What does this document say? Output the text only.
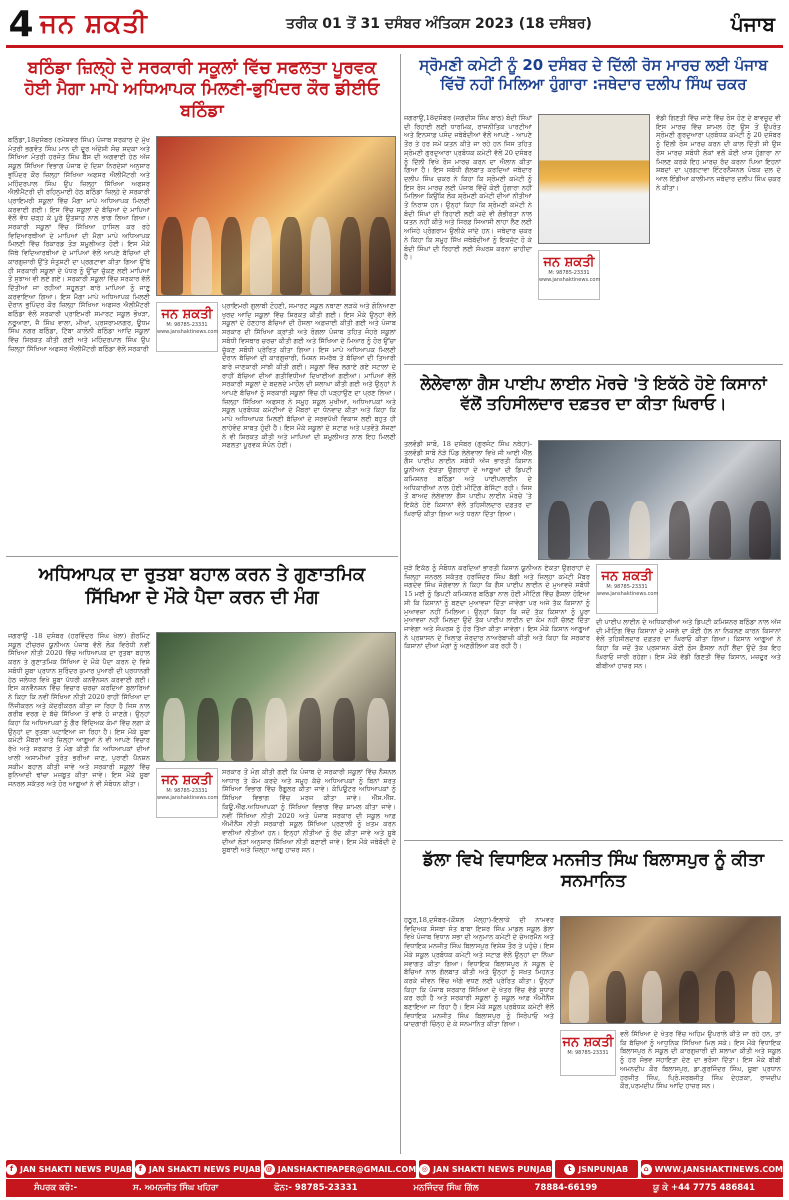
4 ਜਨ ਸ਼ਕਤੀ	ਤਰੀਕ 01 ਤੋਂ 31 ਦਸੰਬਰ ਅੰਤਿਕਸ 2023 (18 ਦਸੰਬਰ)	ਪੰਜਾਬ
ਬਠਿੰਡਾ ਜ਼ਿਲ੍ਹੇ ਦੇ ਸਰਕਾਰੀ ਸਕੂਲਾਂ ਵਿੱਚ ਸਫਲਤਾ ਪੂਰਵਕ ਹੋਈ ਮੈਗਾ ਮਾਪੇ ਅਧਿਆਪਕ ਮਿਲਣੀ-ਭੁਪਿੰਦਰ ਕੌਰ ਡੀਈਓ ਬਠਿੰਡਾ
ਬਠਿੰਡਾ,18ਦਸੰਬਰ (ਰਮੇਸ਼ਵਰ ਸਿੰਘ) ਪੰਜਾਬ ਸਰਕਾਰ ਦੇ ਮੁੱਖ ਮੰਤਰੀ ਭਗਵੰਤ ਸਿੰਘ ਮਾਨ ਦੀ ਦੂਰ ਅੰਦੇਸ਼ੀ ਸੋਚ ਸਦਕਾ ਅਤੇ ਸਿੱਖਿਆ ਮੰਤਰੀ ਹਰਜੋਤ ਸਿੰਘ ਬੈਂਸ ਦੀ ਅਗਵਾਈ ਹੇਠ ਅੱਜ ਸਕੂਲ ਸਿੱਖਿਆ ਵਿਭਾਗ ਪੰਜਾਬ ਦੇ ਦਿਸ਼ਾ ਨਿਰਦੇਸ਼ਾਂ ਅਨੁਸਾਰ ਭੁਪਿੰਦਰ ਕੌਰ ਜ਼ਿਲ੍ਹਾ ਸਿੱਖਿਆ ਅਫਸਰ ਐਲੀਮੈਂਟਰੀ ਅਤੇ ਮਹਿੰਦਰਪਾਲ ਸਿੰਘ ਉਪ ਜ਼ਿਲ੍ਹਾ ਸਿੱਖਿਆ ਅਫਸਰ ਐਲੀਮੈਂਟਰੀ ਦੀ ਰਹਿਨੁਮਾਈ ਹੇਠ ਬਠਿੰਡਾ ਜ਼ਿਲ੍ਹੇ ਦੇ ਸਰਕਾਰੀ ਪ੍ਰਾਇਮਰੀ ਸਕੂਲਾਂ ਵਿੱਚ ਮੈਗਾ ਮਾਪੇ ਅਧਿਆਪਕ ਮਿਲਣੀ ਕਰਵਾਈ ਗਈ। ਇਸ ਵਿੱਚ ਸਕੂਲਾਂ ਦੇ ਬੱਚਿਆਂ ਦੇ ਮਾਪਿਆਂ ਵੱਲੋਂ ਵੱਧ ਚੜ੍ਹ ਕੇ ਪੂਰੇ ਉਤਸ਼ਾਹ ਨਾਲ ਭਾਗ ਲਿਆ ਗਿਆ। ਸਰਕਾਰੀ ਸਕੂਲਾਂ ਵਿੱਚ ਸਿੱਖਿਆ ਹਾਸਿਲ ਕਰ ਰਹੇ ਵਿਦਿਆਰਥੀਆਂ ਦੇ ਮਾਪਿਆਂ ਦੀ ਮੈਗਾ ਮਾਪੇ ਅਧਿਆਪਕ ਮਿਲਣੀ ਵਿੱਚ ਰਿਕਾਰਡ ਤੋੜ ਸ਼ਮੂਲੀਅਤ ਹੋਈ। ਇਸ ਮੌਕੇ ਜਿੱਥੇ ਵਿਦਿਆਰਥੀਆਂ ਦੇ ਮਾਪਿਆਂ ਵੱਲੋਂ ਆਪਣੇ ਬੱਚਿਆਂ ਦੀ ਕਾਰਗੁਜ਼ਾਰੀ ਉੱਤੇ ਸੰਤੁਸ਼ਟੀ ਦਾ ਪ੍ਰਗਟਾਵਾ ਕੀਤਾ ਗਿਆ ਉੱਥੇ ਹੀ ਸਰਕਾਰੀ ਸਕੂਲਾਂ ਦੇ ਪੱਧਰ ਨੂੰ ਉੱਚਾ ਚੁੱਕਣ ਲਈ ਮਾਪਿਆਂ ਤੋਂ ਸੁਝਾਅ ਵੀ ਲਏ ਗਏ। ਸਰਕਾਰੀ ਸਕੂਲਾਂ ਵਿੱਚ ਸਰਕਾਰ ਵੱਲੋਂ ਦਿੱਤੀਆਂ ਜਾ ਰਹੀਆਂ ਸਹੂਲਤਾਂ ਬਾਰੇ ਮਾਪਿਆਂ ਨੂੰ ਜਾਣੂ ਕਰਵਾਇਆ ਗਿਆ। ਇਸ ਮੈਗਾ ਮਾਪੇ ਅਧਿਆਪਕ ਮਿਲਣੀ ਦੌਰਾਨ ਭੁਪਿੰਦਰ ਕੌਰ ਜ਼ਿਲ੍ਹਾ ਸਿੱਖਿਆ ਅਫਸਰ ਐਲੀਮੈਂਟਰੀ ਬਠਿੰਡਾ ਵੱਲੋਂ ਸਰਕਾਰੀ ਪ੍ਰਾਇਮਰੀ ਸਮਾਰਟ ਸਕੂਲ ਭੋਖੜਾ, ਨਰੂਆਣਾ, ਜੈ ਸਿੰਘ ਵਾਲਾ, ਮੀਆਂ, ਪ੍ਰਸਰਾਮਨਗਰ, ਊਧਮ ਸਿੰਘ ਨਗਰ ਬਠਿੰਡਾ, ਟਿੱਬਾ ਕਾਲੋਨੀ ਬਠਿੰਡਾ ਆਦਿ ਸਕੂਲਾਂ ਵਿੱਚ ਸ਼ਿਰਕਤ ਕੀਤੀ ਗਈ ਅਤੇ ਮਹਿੰਦਰਪਾਲ ਸਿੰਘ ਉਪ ਜ਼ਿਲ੍ਹਾ ਸਿੱਖਿਆ ਅਫਸਰ ਐਲੀਮੈਂਟਰੀ ਬਠਿੰਡਾ ਵੱਲੋਂ ਸਰਕਾਰੀ
ਜਨ ਸ਼ਕਤੀ
M: 98785-23331
www.janshaktinews.com
ਪ੍ਰਾਇਮਰੀ ਗੁਲਾਬੀ ਟੋਹਣੀ, ਸਮਾਰਟ ਸਕੂਲ ਨਥਾਣਾ ਲੜਕੇ ਅਤੇ ਗੋਨਿਆਣਾ ਖੁਰਦ ਆਦਿ ਸਕੂਲਾਂ ਵਿੱਚ ਸ਼ਿਰਕਤ ਕੀਤੀ ਗਈ। ਇਸ ਮੌਕੇ ਉਨ੍ਹਾਂ ਵੱਲੋਂ ਸਕੂਲਾਂ ਦੇ ਹੋਣਹਾਰ ਬੱਚਿਆਂ ਦੀ ਹੌਸਲਾ ਅਫ਼ਜ਼ਾਈ ਕੀਤੀ ਗਈ ਅਤੇ ਪੰਜਾਬ ਸਰਕਾਰ ਦੀ ਸਿੱਖਿਆ ਕ੍ਰਾਂਤੀ ਅਤੇ ਰੰਗਲਾ ਪੰਜਾਬ ਤਹਿਤ ਜੋਹਰੇ ਸਕੂਲਾਂ ਸਬੰਧੀ ਵਿਸਥਾਰ ਚਰਚਾ ਕੀਤੀ ਗਈ ਅਤੇ ਸਿੱਖਿਆ ਦੇ ਮਿਆਰ ਨੂੰ ਹੋਰ ਉੱਚਾ ਚੁੱਕਣ ਸਬੰਧੀ ਪ੍ਰੇਰਿਤ ਕੀਤਾ ਗਿਆ। ਇਸ ਮਾਪੇ ਅਧਿਆਪਕ ਮਿਲਣੀ ਦੌਰਾਨ ਬੱਚਿਆਂ ਦੀ ਕਾਰਗੁਜ਼ਾਰੀ, ਮਿਸ਼ਨ ਸਮਰੱਥ ਤੇ ਬੱਚਿਆਂ ਦੀ ਤਿਆਰੀ ਬਾਰੇ ਜਾਣਕਾਰੀ ਸਾਂਝੀ ਕੀਤੀ ਗਈ। ਸਕੂਲਾਂ ਵਿੱਚ ਲਗਾਏ ਗਏ ਸਟਾਲਾਂ ਦੇ ਰਾਹੀਂ ਬੱਚਿਆਂ ਦੀਆਂ ਗਤੀਵਿਧੀਆਂ ਦਿਖਾਈਆਂ ਗਈਆਂ। ਮਾਪਿਆਂ ਵੱਲੋਂ ਸਰਕਾਰੀ ਸਕੂਲਾਂ ਦੇ ਬਦਲਦੇ ਮਾਹੌਲ ਦੀ ਸ਼ਲਾਘਾ ਕੀਤੀ ਗਈ ਅਤੇ ਉਨ੍ਹਾਂ ਨੇ ਆਪਣੇ ਬੱਚਿਆਂ ਨੂੰ ਸਰਕਾਰੀ ਸਕੂਲਾਂ ਵਿੱਚ ਹੀ ਪੜ੍ਹਾਉਣ ਦਾ ਪ੍ਰਣ ਲਿਆ। ਜ਼ਿਲ੍ਹਾ ਸਿੱਖਿਆ ਅਫਸਰ ਨੇ ਸਮੂਹ ਸਕੂਲ ਮੁਖੀਆਂ, ਅਧਿਆਪਕਾਂ ਅਤੇ ਸਕੂਲ ਪ੍ਰਬੰਧਕ ਕਮੇਟੀਆਂ ਦੇ ਮੈਂਬਰਾਂ ਦਾ ਧੰਨਵਾਦ ਕੀਤਾ ਅਤੇ ਕਿਹਾ ਕਿ ਮਾਪੇ ਅਧਿਆਪਕ ਮਿਲਣੀ ਬੱਚਿਆਂ ਦੇ ਸਰਵਪੱਖੀ ਵਿਕਾਸ ਲਈ ਬਹੁਤ ਹੀ ਲਾਹੇਵੰਦ ਸਾਬਤ ਹੁੰਦੀ ਹੈ। ਇਸ ਮੌਕੇ ਸਕੂਲਾਂ ਦੇ ਸਟਾਫ਼ ਅਤੇ ਪਤਵੰਤੇ ਸੱਜਣਾਂ ਨੇ ਵੀ ਸ਼ਿਰਕਤ ਕੀਤੀ ਅਤੇ ਮਾਪਿਆਂ ਦੀ ਸ਼ਮੂਲੀਅਤ ਨਾਲ ਇਹ ਮਿਲਣੀ ਸਫਲਤਾ ਪੂਰਵਕ ਸੰਪੰਨ ਹੋਈ।
ਸ੍ਰੋਮਣੀ ਕਮੇਟੀ ਨੂੰ 20 ਦਸੰਬਰ ਦੇ ਦਿੱਲੀ ਰੋਸ ਮਾਰਚ ਲਈ ਪੰਜਾਬ ਵਿੱਚੋਂ ਨਹੀਂ ਮਿਲਿਆ ਹੁੰਗਾਰਾ :ਜਥੇਦਾਰ ਦਲੀਪ ਸਿੰਘ ਚਕਰ
ਜਗਰਾਉਂ,18ਦਸੰਬਰ (ਜਗਦੀਸ਼ ਸਿੰਘ ਬਾਠ) ਬੰਦੀ ਸਿੰਘਾਂ ਦੀ ਰਿਹਾਈ ਲਈ ਧਾਰਮਿਕ, ਰਾਜਨੀਤਿਕ ਪਾਰਟੀਆਂ ਅਤੇ ਇਨਸਾਫ਼ ਪਸੰਦ ਜਥੇਬੰਦੀਆਂ ਵੱਲੋਂ ਆਪਣੇ - ਆਪਣੇ ਤੌਰ ਤੇ ਹਰ ਸਮੇਂ ਯਤਨ ਕੀਤੇ ਜਾ ਰਹੇ ਹਨ ਜਿਸ ਤਹਿਤ ਸ਼੍ਰੋਮਣੀ ਗੁਰਦੁਆਰਾ ਪ੍ਰਬੰਧਕ ਕਮੇਟੀ ਵੱਲੋਂ 20 ਦਸੰਬਰ ਨੂੰ ਦਿੱਲੀ ਵਿਖੇ ਰੋਸ ਮਾਰਚ ਕਰਨ ਦਾ ਐਲਾਨ ਕੀਤਾ ਗਿਆ ਹੈ। ਇਸ ਸਬੰਧੀ ਗੱਲਬਾਤ ਕਰਦਿਆਂ ਜਥੇਦਾਰ ਦਲੀਪ ਸਿੰਘ ਚਕਰ ਨੇ ਕਿਹਾ ਕਿ ਸ਼੍ਰੋਮਣੀ ਕਮੇਟੀ ਨੂੰ ਇਸ ਰੋਸ ਮਾਰਚ ਲਈ ਪੰਜਾਬ ਵਿੱਚੋਂ ਕੋਈ ਹੁੰਗਾਰਾ ਨਹੀਂ ਮਿਲਿਆ ਕਿਉਂਕਿ ਲੋਕ ਸ਼੍ਰੋਮਣੀ ਕਮੇਟੀ ਦੀਆਂ ਨੀਤੀਆਂ ਤੋਂ ਨਿਰਾਸ਼ ਹਨ। ਉਨ੍ਹਾਂ ਕਿਹਾ ਕਿ ਸ਼੍ਰੋਮਣੀ ਕਮੇਟੀ ਨੇ ਬੰਦੀ ਸਿੰਘਾਂ ਦੀ ਰਿਹਾਈ ਲਈ ਕਦੇ ਵੀ ਗੰਭੀਰਤਾ ਨਾਲ ਯਤਨ ਨਹੀਂ ਕੀਤੇ ਅਤੇ ਸਿਰਫ਼ ਸਿਆਸੀ ਲਾਹਾ ਲੈਣ ਲਈ ਅਜਿਹੇ ਪ੍ਰੋਗਰਾਮ ਉਲੀਕੇ ਜਾਂਦੇ ਹਨ। ਜਥੇਦਾਰ ਚਕਰ ਨੇ ਕਿਹਾ ਕਿ ਸਮੂਹ ਸਿੱਖ ਜਥੇਬੰਦੀਆਂ ਨੂੰ ਇਕਜੁੱਟ ਹੋ ਕੇ ਬੰਦੀ ਸਿੰਘਾਂ ਦੀ ਰਿਹਾਈ ਲਈ ਸੰਘਰਸ਼ ਕਰਨਾ ਚਾਹੀਦਾ ਹੈ।	ਜਨ ਸ਼ਕਤੀ
M: 98785-23331
www.janshaktinews.com
ਵੱਡੀ ਗਿਣਤੀ ਵਿੱਚ ਜਾਣੇ ਵਿੱਚ ਰੋਸ ਹੋਣ ਦੇ ਬਾਵਜੂਦ ਵੀ ਇਸ ਮਾਰਚ ਵਿੱਚ ਸ਼ਾਮਲ ਹੋਣ ਉਸ ਤੋਂ ਉਪਰੰਤ ਸ੍ਰੋਮਣੀ ਗੁਰਦੁਆਰਾ ਪ੍ਰਬੰਧਕ ਕਮੇਟੀ ਨੂੰ 20 ਦਸੰਬਰ ਨੂੰ ਦਿੱਲੀ ਰੋਸ ਮਾਰਚ ਕਰਨ ਦੀ ਕਾਲ ਦਿੱਤੀ ਸੀ ਉਸ ਰੋਸ ਮਾਰਚ ਸਬੰਧੀ ਲੋਕਾਂ ਵਲੋਂ ਕੋਈ ਖਾਸ ਹੁੰਗਾਰਾ ਨਾ ਮਿਲਣ ਕਰਕੇ ਇਹ ਮਾਰਚ ਰੱਦ ਕਰਨਾ ਪਿਆ ਇਹਨਾਂ ਸ਼ਬਦਾਂ ਦਾ ਪ੍ਰਗਟਾਵਾ ਇੰਟਰਨੈਸ਼ਨਲ ਪੰਥਕ ਦਲ ਦੇ ਆਲ ਇੰਡੀਆ ਕਾਲੀਮਾਨ ਜਥੇਦਾਰ ਦਲੀਪ ਸਿੰਘ ਚਕਰ ਨੇ ਕੀਤਾ।
ਲੇਲੇਵਾਲਾ ਗੈਸ ਪਾਈਪ ਲਾਈਨ ਮੋਰਚੇ 'ਤੇ ਇਕੱਠੇ ਹੋਏ ਕਿਸਾਨਾਂ ਵੱਲੋਂ ਤਹਿਸੀਲਦਾਰ ਦਫ਼ਤਰ ਦਾ ਕੀਤਾ ਘਿਰਾਓ।
ਤਲਵੰਡੀ ਸਾਬੋ, 18 ਦਸੰਬਰ (ਗੁਰਜੰਟ ਸਿੰਘ ਨਥੇਹਾ)- ਤਲਵੰਡੀ ਸਾਬੋ ਨੇੜੇ ਪਿੰਡ ਲੇਲੇਵਾਲਾ ਵਿਖੇ ਜੀ ਆਈ ਐੱਲ ਗੈਸ ਪਾਈਪ ਲਾਈਨ ਸਬੰਧੀ ਅੱਜ ਭਾਰਤੀ ਕਿਸਾਨ ਯੂਨੀਅਨ ਏਕਤਾ ਉਗਰਾਹਾਂ ਦੇ ਆਗੂਆਂ ਦੀ ਡਿਪਟੀ ਕਮਿਸ਼ਨਰ ਬਠਿੰਡਾ ਅਤੇ ਪਾਈਪਲਾਈਨ ਦੇ ਅਧਿਕਾਰੀਆਂ ਨਾਲ ਹੋਈ ਮੀਟਿੰਗ ਬੇਸਿੱਟਾ ਰਹੀ। ਜਿਸ ਤੋਂ ਬਾਅਦ ਲੇਲੇਵਾਲਾ ਗੈਸ ਪਾਈਪ ਲਾਈਨ ਮੋਰਚੇ 'ਤੇ ਇਕੱਠੇ ਹੋਏ ਕਿਸਾਨਾਂ ਵੱਲੋਂ ਤਹਿਸੀਲਦਾਰ ਦਫ਼ਤਰ ਦਾ ਘਿਰਾਓ ਕੀਤਾ ਗਿਆ ਅਤੇ ਧਰਨਾ ਦਿੱਤਾ ਗਿਆ।
ਜੁੜੇ ਇਕੱਠ ਨੂੰ ਸੰਬੋਧਨ ਕਰਦਿਆਂ ਭਾਰਤੀ ਕਿਸਾਨ ਯੂਨੀਅਨ ਏਕਤਾ ਉਗਰਾਹਾਂ ਦੇ ਜ਼ਿਲ੍ਹਾ ਜਨਰਲ ਸਕੱਤਰ ਹਰਜਿੰਦਰ ਸਿੰਘ ਬੱਗੀ ਅਤੇ ਜ਼ਿਲ੍ਹਾ ਕਮੇਟੀ ਮੈਂਬਰ ਜਗਦੇਵ ਸਿੰਘ ਜੋਗੇਵਾਲਾ ਨੇ ਕਿਹਾ ਕਿ ਗੈਸ ਪਾਈਪ ਲਾਈਨ ਦੇ ਮੁਆਵਜ਼ੇ ਸਬੰਧੀ 15 ਮਈ ਨੂੰ ਡਿਪਟੀ ਕਮਿਸ਼ਨਰ ਬਠਿੰਡਾ ਨਾਲ ਹੋਈ ਮੀਟਿੰਗ ਵਿੱਚ ਫ਼ੈਸਲਾ ਹੋਇਆ ਸੀ ਕਿ ਕਿਸਾਨਾਂ ਨੂੰ ਬਣਦਾ ਮੁਆਵਜ਼ਾ ਦਿੱਤਾ ਜਾਵੇਗਾ ਪਰ ਅਜੇ ਤੱਕ ਕਿਸਾਨਾਂ ਨੂੰ ਮੁਆਵਜ਼ਾ ਨਹੀਂ ਮਿਲਿਆ। ਉਨ੍ਹਾਂ ਕਿਹਾ ਕਿ ਜਦੋਂ ਤੱਕ ਕਿਸਾਨਾਂ ਨੂੰ ਪੂਰਾ ਮੁਆਵਜ਼ਾ ਨਹੀਂ ਮਿਲਦਾ ਉਦੋਂ ਤੱਕ ਪਾਈਪ ਲਾਈਨ ਦਾ ਕੰਮ ਨਹੀਂ ਚੱਲਣ ਦਿੱਤਾ ਜਾਵੇਗਾ ਅਤੇ ਸੰਘਰਸ਼ ਨੂੰ ਹੋਰ ਤਿੱਖਾ ਕੀਤਾ ਜਾਵੇਗਾ। ਇਸ ਮੌਕੇ ਕਿਸਾਨ ਆਗੂਆਂ ਨੇ ਪ੍ਰਸ਼ਾਸਨ ਦੇ ਖਿਲਾਫ਼ ਜ਼ੋਰਦਾਰ ਨਾਅਰੇਬਾਜ਼ੀ ਕੀਤੀ ਅਤੇ ਕਿਹਾ ਕਿ ਸਰਕਾਰ ਕਿਸਾਨਾਂ ਦੀਆਂ ਮੰਗਾਂ ਨੂੰ ਅਣਗੌਲਿਆ ਕਰ ਰਹੀ ਹੈ।
ਜਨ ਸ਼ਕਤੀ
M: 98785-23331
www.janshaktinews.com
ਦੀ ਪਾਈਪ ਲਾਈਨ ਦੇ ਅਧਿਕਾਰੀਆਂ ਅਤੇ ਡਿਪਟੀ ਕਮਿਸ਼ਨਰ ਬਠਿੰਡਾ ਨਾਲ ਅੱਜ ਦੀ ਮੀਟਿੰਗ ਵਿੱਚ ਕਿਸਾਨਾਂ ਦੇ ਮਸਲੇ ਦਾ ਕੋਈ ਹੱਲ ਨਾ ਨਿਕਲਣ ਕਾਰਨ ਕਿਸਾਨਾਂ ਵੱਲੋਂ ਤਹਿਸੀਲਦਾਰ ਦਫ਼ਤਰ ਦਾ ਘਿਰਾਓ ਕੀਤਾ ਗਿਆ। ਕਿਸਾਨ ਆਗੂਆਂ ਨੇ ਕਿਹਾ ਕਿ ਜਦੋਂ ਤੱਕ ਪ੍ਰਸ਼ਾਸਨ ਕੋਈ ਠੋਸ ਫ਼ੈਸਲਾ ਨਹੀਂ ਲੈਂਦਾ ਉਦੋਂ ਤੱਕ ਇਹ ਘਿਰਾਓ ਜਾਰੀ ਰਹੇਗਾ। ਇਸ ਮੌਕੇ ਵੱਡੀ ਗਿਣਤੀ ਵਿੱਚ ਕਿਸਾਨ, ਮਜ਼ਦੂਰ ਅਤੇ ਬੀਬੀਆਂ ਹਾਜ਼ਰ ਸਨ।
ਅਧਿਆਪਕ ਦਾ ਰੁਤਬਾ ਬਹਾਲ ਕਰਨ ਤੇ ਗੁਣਾਤਮਿਕ ਸਿੱਖਿਆ ਦੇ ਮੌਕੇ ਪੈਦਾ ਕਰਨ ਦੀ ਮੰਗ
ਜਗਰਾਉਂ -18 ਦਸੰਬਰ (ਹਰਵਿੰਦਰ ਸਿੰਘ ਖੇਲਾ) ਗੌਰਮਿੰਟ ਸਕੂਲ ਟੀਚਰਜ਼ ਯੂਨੀਅਨ ਪੰਜਾਬ ਵੱਲੋਂ ਲੋਕ ਵਿਰੋਧੀ ਨਵੀਂ ਸਿੱਖਿਆ ਨੀਤੀ 2020 ਵਿੱਚ ਅਧਿਆਪਕ ਦਾ ਰੁਤਬਾ ਬਹਾਲ ਕਰਨ ਤੇ ਗੁਣਾਤਮਿਕ ਸਿੱਖਿਆ ਦੇ ਮੌਕੇ ਪੈਦਾ ਕਰਨ ਦੇ ਵਿਸ਼ੇ ਸਬੰਧੀ ਸੂਬਾ ਪ੍ਰਧਾਨ ਸੁਰਿੰਦਰ ਕੁਮਾਰ ਪੁਆਰੀ ਦੀ ਪ੍ਰਧਾਨਗੀ ਹੇਠ ਜਲੰਧਰ ਵਿਖੇ ਸੂਬਾ ਪੱਧਰੀ ਕਨਵੈਨਸ਼ਨ ਕਰਵਾਈ ਗਈ। ਇਸ ਕਨਵੈਨਸ਼ਨ ਵਿੱਚ ਵਿਚਾਰ ਚਰਚਾ ਕਰਦਿਆਂ ਬੁਲਾਰਿਆਂ ਨੇ ਕਿਹਾ ਕਿ ਨਵੀਂ ਸਿੱਖਿਆ ਨੀਤੀ 2020 ਰਾਹੀਂ ਸਿੱਖਿਆ ਦਾ ਨਿੱਜੀਕਰਨ ਅਤੇ ਕੇਂਦਰੀਕਰਨ ਕੀਤਾ ਜਾ ਰਿਹਾ ਹੈ ਜਿਸ ਨਾਲ ਗਰੀਬ ਵਰਗ ਦੇ ਬੱਚੇ ਸਿੱਖਿਆ ਤੋਂ ਵਾਂਝੇ ਹੋ ਜਾਣਗੇ। ਉਨ੍ਹਾਂ ਕਿਹਾ ਕਿ ਅਧਿਆਪਕਾਂ ਨੂੰ ਗੈਰ ਵਿੱਦਿਅਕ ਕੰਮਾਂ ਵਿੱਚ ਲਗਾ ਕੇ ਉਨ੍ਹਾਂ ਦਾ ਰੁਤਬਾ ਘਟਾਇਆ ਜਾ ਰਿਹਾ ਹੈ। ਇਸ ਮੌਕੇ ਸੂਬਾ ਕਮੇਟੀ ਮੈਂਬਰਾਂ ਅਤੇ ਜ਼ਿਲ੍ਹਾ ਆਗੂਆਂ ਨੇ ਵੀ ਆਪਣੇ ਵਿਚਾਰ ਰੱਖੇ ਅਤੇ ਸਰਕਾਰ ਤੋਂ ਮੰਗ ਕੀਤੀ ਕਿ ਅਧਿਆਪਕਾਂ ਦੀਆਂ ਖਾਲੀ ਅਸਾਮੀਆਂ ਤੁਰੰਤ ਭਰੀਆਂ ਜਾਣ, ਪੁਰਾਣੀ ਪੈਨਸ਼ਨ ਸਕੀਮ ਬਹਾਲ ਕੀਤੀ ਜਾਵੇ ਅਤੇ ਸਰਕਾਰੀ ਸਕੂਲਾਂ ਵਿੱਚ ਬੁਨਿਆਦੀ ਢਾਂਚਾ ਮਜ਼ਬੂਤ ਕੀਤਾ ਜਾਵੇ। ਇਸ ਮੌਕੇ ਸੂਬਾ ਜਨਰਲ ਸਕੱਤਰ ਅਤੇ ਹੋਰ ਆਗੂਆਂ ਨੇ ਵੀ ਸੰਬੋਧਨ ਕੀਤਾ।	ਜਨ ਸ਼ਕਤੀ
M: 98785-23331
www.janshaktinews.com
ਸਰਕਾਰ ਤੋਂ ਮੰਗ ਕੀਤੀ ਗਈ ਕਿ ਪੰਜਾਬ ਦੇ ਸਰਕਾਰੀ ਸਕੂਲਾਂ ਵਿੱਚ ਨੈਸ਼ਨਲ ਆਧਾਰ ਤੇ ਕੰਮ ਕਰਦੇ ਅਤੇ ਸਮੂਹ ਕੱਚੇ ਅਧਿਆਪਕਾਂ ਨੂੰ ਬਿਨਾਂ ਸ਼ਰਤ ਸਿੱਖਿਆ ਵਿਭਾਗ ਵਿੱਚ ਰੈਗੂਲਰ ਕੀਤਾ ਜਾਵੇ। ਕੰਪਿਊਟਰ ਅਧਿਆਪਕਾਂ ਨੂੰ ਸਿੱਖਿਆ ਵਿਭਾਗ ਵਿੱਚ ਮਰਜ ਕੀਤਾ ਜਾਵੇ। ਐੱਸ.ਐੱਸ. ਕਿਊ.ਐੱਫ.ਅਧਿਆਪਕਾਂ ਨੂੰ ਸਿੱਖਿਆ ਵਿਭਾਗ ਵਿੱਚ ਸ਼ਾਮਲ ਕੀਤਾ ਜਾਵੇ। ਨਵੀਂ ਸਿੱਖਿਆ ਨੀਤੀ 2020 ਅਤੇ ਪੰਜਾਬ ਸਰਕਾਰ ਦੀ ਸਕੂਲ ਆਫ਼ ਐਮੀਨੈਂਸ ਨੀਤੀ ਸਰਕਾਰੀ ਸਕੂਲ ਸਿੱਖਿਆ ਪ੍ਰਣਾਲੀ ਨੂੰ ਖ਼ਤਮ ਕਰਨ ਵਾਲੀਆਂ ਨੀਤੀਆਂ ਹਨ। ਇਨ੍ਹਾਂ ਨੀਤੀਆਂ ਨੂੰ ਰੱਦ ਕੀਤਾ ਜਾਵੇ ਅਤੇ ਸੂਬੇ ਦੀਆਂ ਲੋੜਾਂ ਅਨੁਸਾਰ ਸਿੱਖਿਆ ਨੀਤੀ ਬਣਾਈ ਜਾਵੇ। ਇਸ ਮੌਕੇ ਜਥੇਬੰਦੀ ਦੇ ਸੂਬਾਈ ਅਤੇ ਜ਼ਿਲ੍ਹਾ ਆਗੂ ਹਾਜ਼ਰ ਸਨ।	ਡੱਲਾ ਵਿਖੇ ਵਿਧਾਇਕ ਮਨਜੀਤ ਸਿੰਘ ਬਿਲਾਸਪੁਰ ਨੂੰ ਕੀਤਾ ਸਨਮਾਨਿਤ
ਹਠੂਰ,18,ਦਸੰਬਰ-(ਕੌਸ਼ਲ ਮੱਲ੍ਹਾ)-ਇਲਾਕੇ ਦੀ ਨਾਮਵਰ ਵਿਦਿਅਕ ਸੰਸਥਾ ਸੰਤ ਬਾਬਾ ਇਸ਼ਰ ਸਿੰਘ ਮਾਡਲ ਸਕੂਲ ਡੱਲਾ ਵਿਖੇ ਪੰਜਾਬ ਵਿਧਾਨ ਸਭਾ ਦੀ ਅਨੁਮਾਨ ਕਮੇਟੀ ਦੇ ਚੇਅਰਮੈਨ ਅਤੇ ਵਿਧਾਇਕ ਮਨਜੀਤ ਸਿੰਘ ਬਿਲਾਸਪੁਰ ਵਿਸ਼ੇਸ਼ ਤੌਰ ਤੇ ਪਹੁੰਚੇ। ਇਸ ਮੌਕੇ ਸਕੂਲ ਪ੍ਰਬੰਧਕ ਕਮੇਟੀ ਅਤੇ ਸਟਾਫ਼ ਵੱਲੋਂ ਉਨ੍ਹਾਂ ਦਾ ਨਿੱਘਾ ਸਵਾਗਤ ਕੀਤਾ ਗਿਆ। ਵਿਧਾਇਕ ਬਿਲਾਸਪੁਰ ਨੇ ਸਕੂਲ ਦੇ ਬੱਚਿਆਂ ਨਾਲ ਗੱਲਬਾਤ ਕੀਤੀ ਅਤੇ ਉਨ੍ਹਾਂ ਨੂੰ ਸਖ਼ਤ ਮਿਹਨਤ ਕਰਕੇ ਜੀਵਨ ਵਿੱਚ ਅੱਗੇ ਵਧਣ ਲਈ ਪ੍ਰੇਰਿਤ ਕੀਤਾ। ਉਨ੍ਹਾਂ ਕਿਹਾ ਕਿ ਪੰਜਾਬ ਸਰਕਾਰ ਸਿੱਖਿਆ ਦੇ ਖੇਤਰ ਵਿੱਚ ਵੱਡੇ ਸੁਧਾਰ ਕਰ ਰਹੀ ਹੈ ਅਤੇ ਸਰਕਾਰੀ ਸਕੂਲਾਂ ਨੂੰ ਸਕੂਲ ਆਫ਼ ਐਮੀਨੈਂਸ ਬਣਾਇਆ ਜਾ ਰਿਹਾ ਹੈ। ਇਸ ਮੌਕੇ ਸਕੂਲ ਪ੍ਰਬੰਧਕ ਕਮੇਟੀ ਵੱਲੋਂ ਵਿਧਾਇਕ ਮਨਜੀਤ ਸਿੰਘ ਬਿਲਾਸਪੁਰ ਨੂੰ ਸਿਰੋਪਾਓ ਅਤੇ ਯਾਦਗਾਰੀ ਚਿੰਨ੍ਹ ਦੇ ਕੇ ਸਨਮਾਨਿਤ ਕੀਤਾ ਗਿਆ।
ਜਨ ਸ਼ਕਤੀ
M: 98785-23331
ਵਲੋਂ ਸਿੱਖਿਆ ਦੇ ਖੇਤਰ ਵਿੱਚ ਅਹਿਮ ਉਪਰਾਲੇ ਕੀਤੇ ਜਾ ਰਹੇ ਹਨ, ਤਾਂ ਕਿ ਬੱਚਿਆਂ ਨੂੰ ਆਧੁਨਿਕ ਸਿੱਖਿਆ ਮਿਲ ਸਕੇ। ਇਸ ਮੌਕੇ ਵਿਧਾਇਕ ਬਿਲਾਸਪੁਰ ਨੇ ਸਕੂਲ ਦੀ ਕਾਰਗੁਜ਼ਾਰੀ ਦੀ ਸ਼ਲਾਘਾ ਕੀਤੀ ਅਤੇ ਸਕੂਲ ਨੂੰ ਹਰ ਸੰਭਵ ਸਹਾਇਤਾ ਦੇਣ ਦਾ ਭਰੋਸਾ ਦਿੱਤਾ। ਇਸ ਮੌਕੇ ਬੀਬੀ ਅਮਨਦੀਪ ਕੌਰ ਬਿਲਾਸਪੁਰ, ਡਾ.ਗੁਰਜਿੰਦਰ ਸਿੰਘ, ਸੂਬਾ ਪ੍ਰਧਾਨ ਹਰਜੀਤ ਸਿੰਘ, ਪ੍ਰਿੰ.ਸਰਬਜੀਤ ਸਿੰਘ ਦੇਹੜਕਾ, ਰਾਜਦੀਪ ਕੌਰ,ਪਰਮਦੀਪ ਸਿੰਘ ਆਦਿ ਹਾਜ਼ਰ ਸਨ।
f JAN SHAKTI NEWS PUJAB f JAN SHAKTI NEWS PUJAB @ JANSHAKTIPAPER@GMAIL.COM ◎ JAN SHAKTI NEWS PUNJAB	t JSNPUNJAB	⌂ WWW.JANSHAKTINEWS.COM
ਸੰਪਰਕ ਕਰੋ:-	ਸ. ਅਮਨਜੀਤ ਸਿੰਘ ਖਹਿਰਾ	ਫੋਨ:- 98785-23331	ਮਨਜਿੰਦਰ ਸਿੰਘ ਗਿੱਲ	78884-66199	ਯੂ ਕੇ +44 7775 486841
